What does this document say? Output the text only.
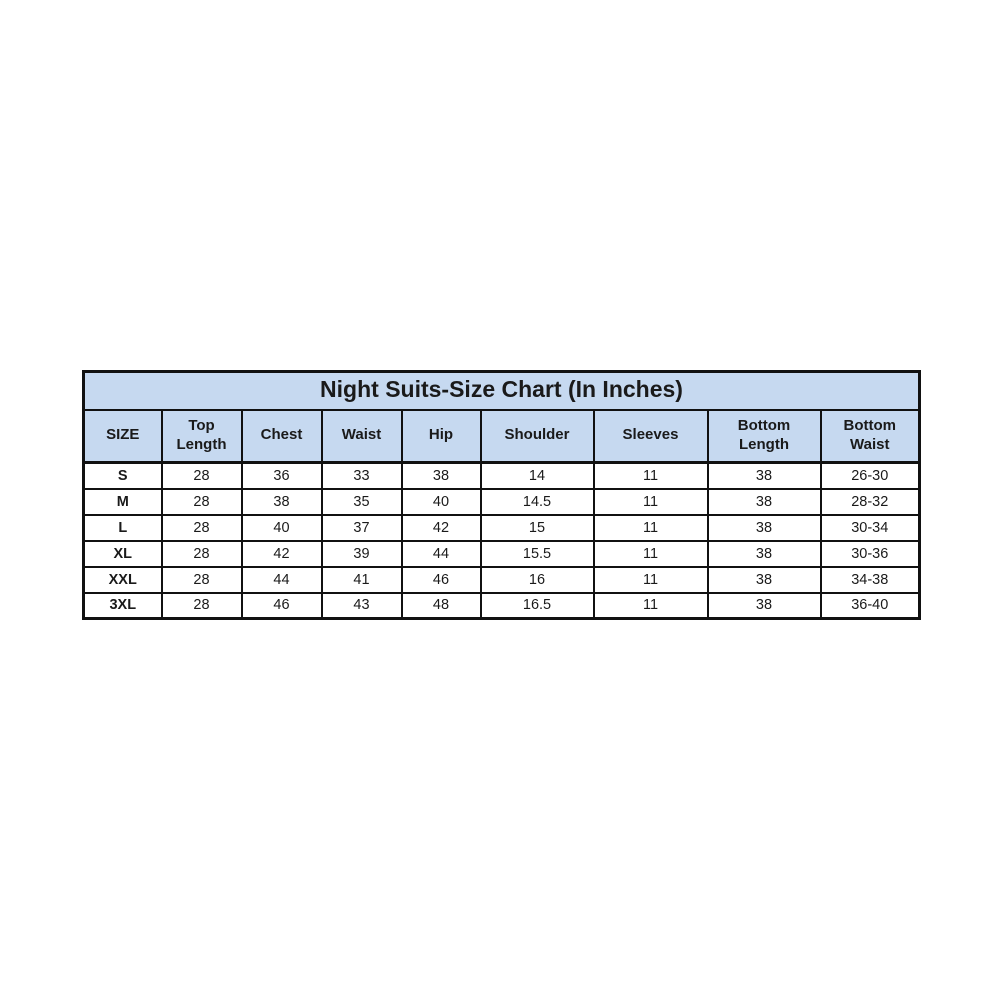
Night Suits-Size Chart (In Inches)								
SIZE	Top Length	Chest	Waist	Hip	Shoulder	Sleeves	Bottom Length	Bottom Waist
S	28	36	33	38	14	11	38	26-30
M	28	38	35	40	14.5	11	38	28-32
L	28	40	37	42	15	11	38	30-34
XL	28	42	39	44	15.5	11	38	30-36
XXL	28	44	41	46	16	11	38	34-38
3XL	28	46	43	48	16.5	11	38	36-40
